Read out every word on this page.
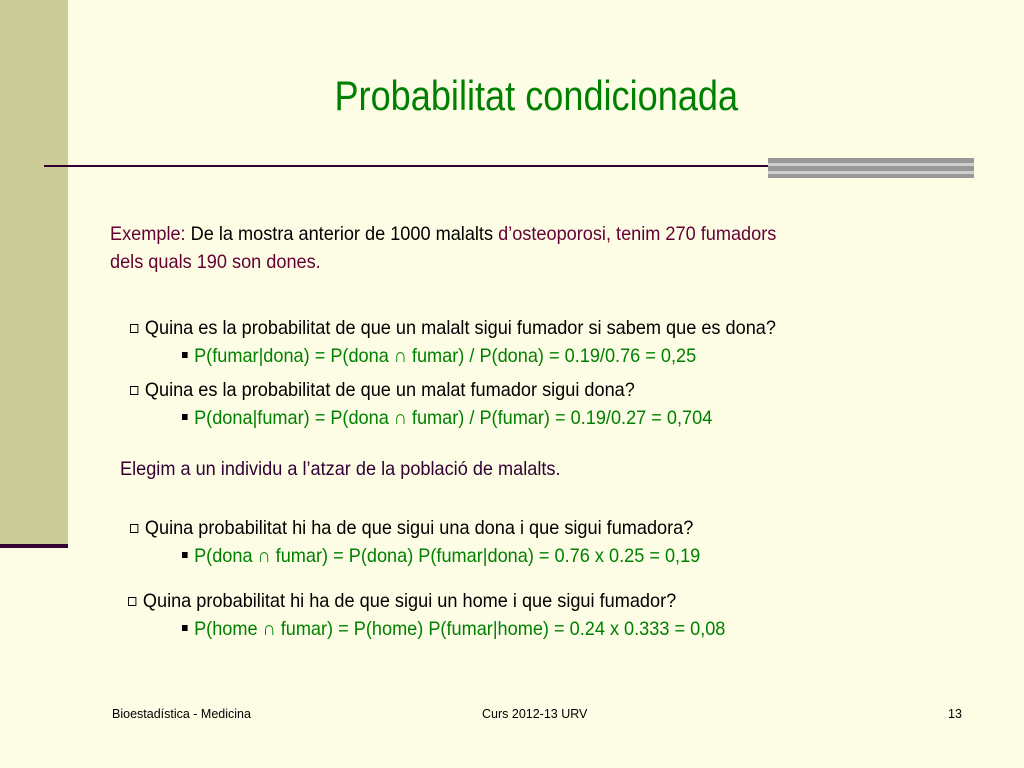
Probabilitat condicionada
Exemple: De la mostra anterior de 1000 malalts d’osteoporosi, tenim 270 fumadors
dels quals 190 son dones.
Quina es la probabilitat de que un malalt sigui fumador si sabem que es dona?
P(fumar|dona) = P(dona ∩ fumar) / P(dona) = 0.19/0.76 = 0,25
Quina es la probabilitat de que un malat fumador sigui dona?
P(dona|fumar) = P(dona ∩ fumar) / P(fumar) = 0.19/0.27 = 0,704
Elegim a un individu a l’atzar de la població de malalts.
Quina probabilitat hi ha de que sigui una dona i que sigui fumadora?
P(dona ∩ fumar) = P(dona) P(fumar|dona) = 0.76 x 0.25 = 0,19
Quina probabilitat hi ha de que sigui un home i que sigui fumador?
P(home ∩ fumar) = P(home) P(fumar|home) = 0.24 x 0.333 = 0,08
Bioestadística - Medicina	Curs 2012-13 URV	13
